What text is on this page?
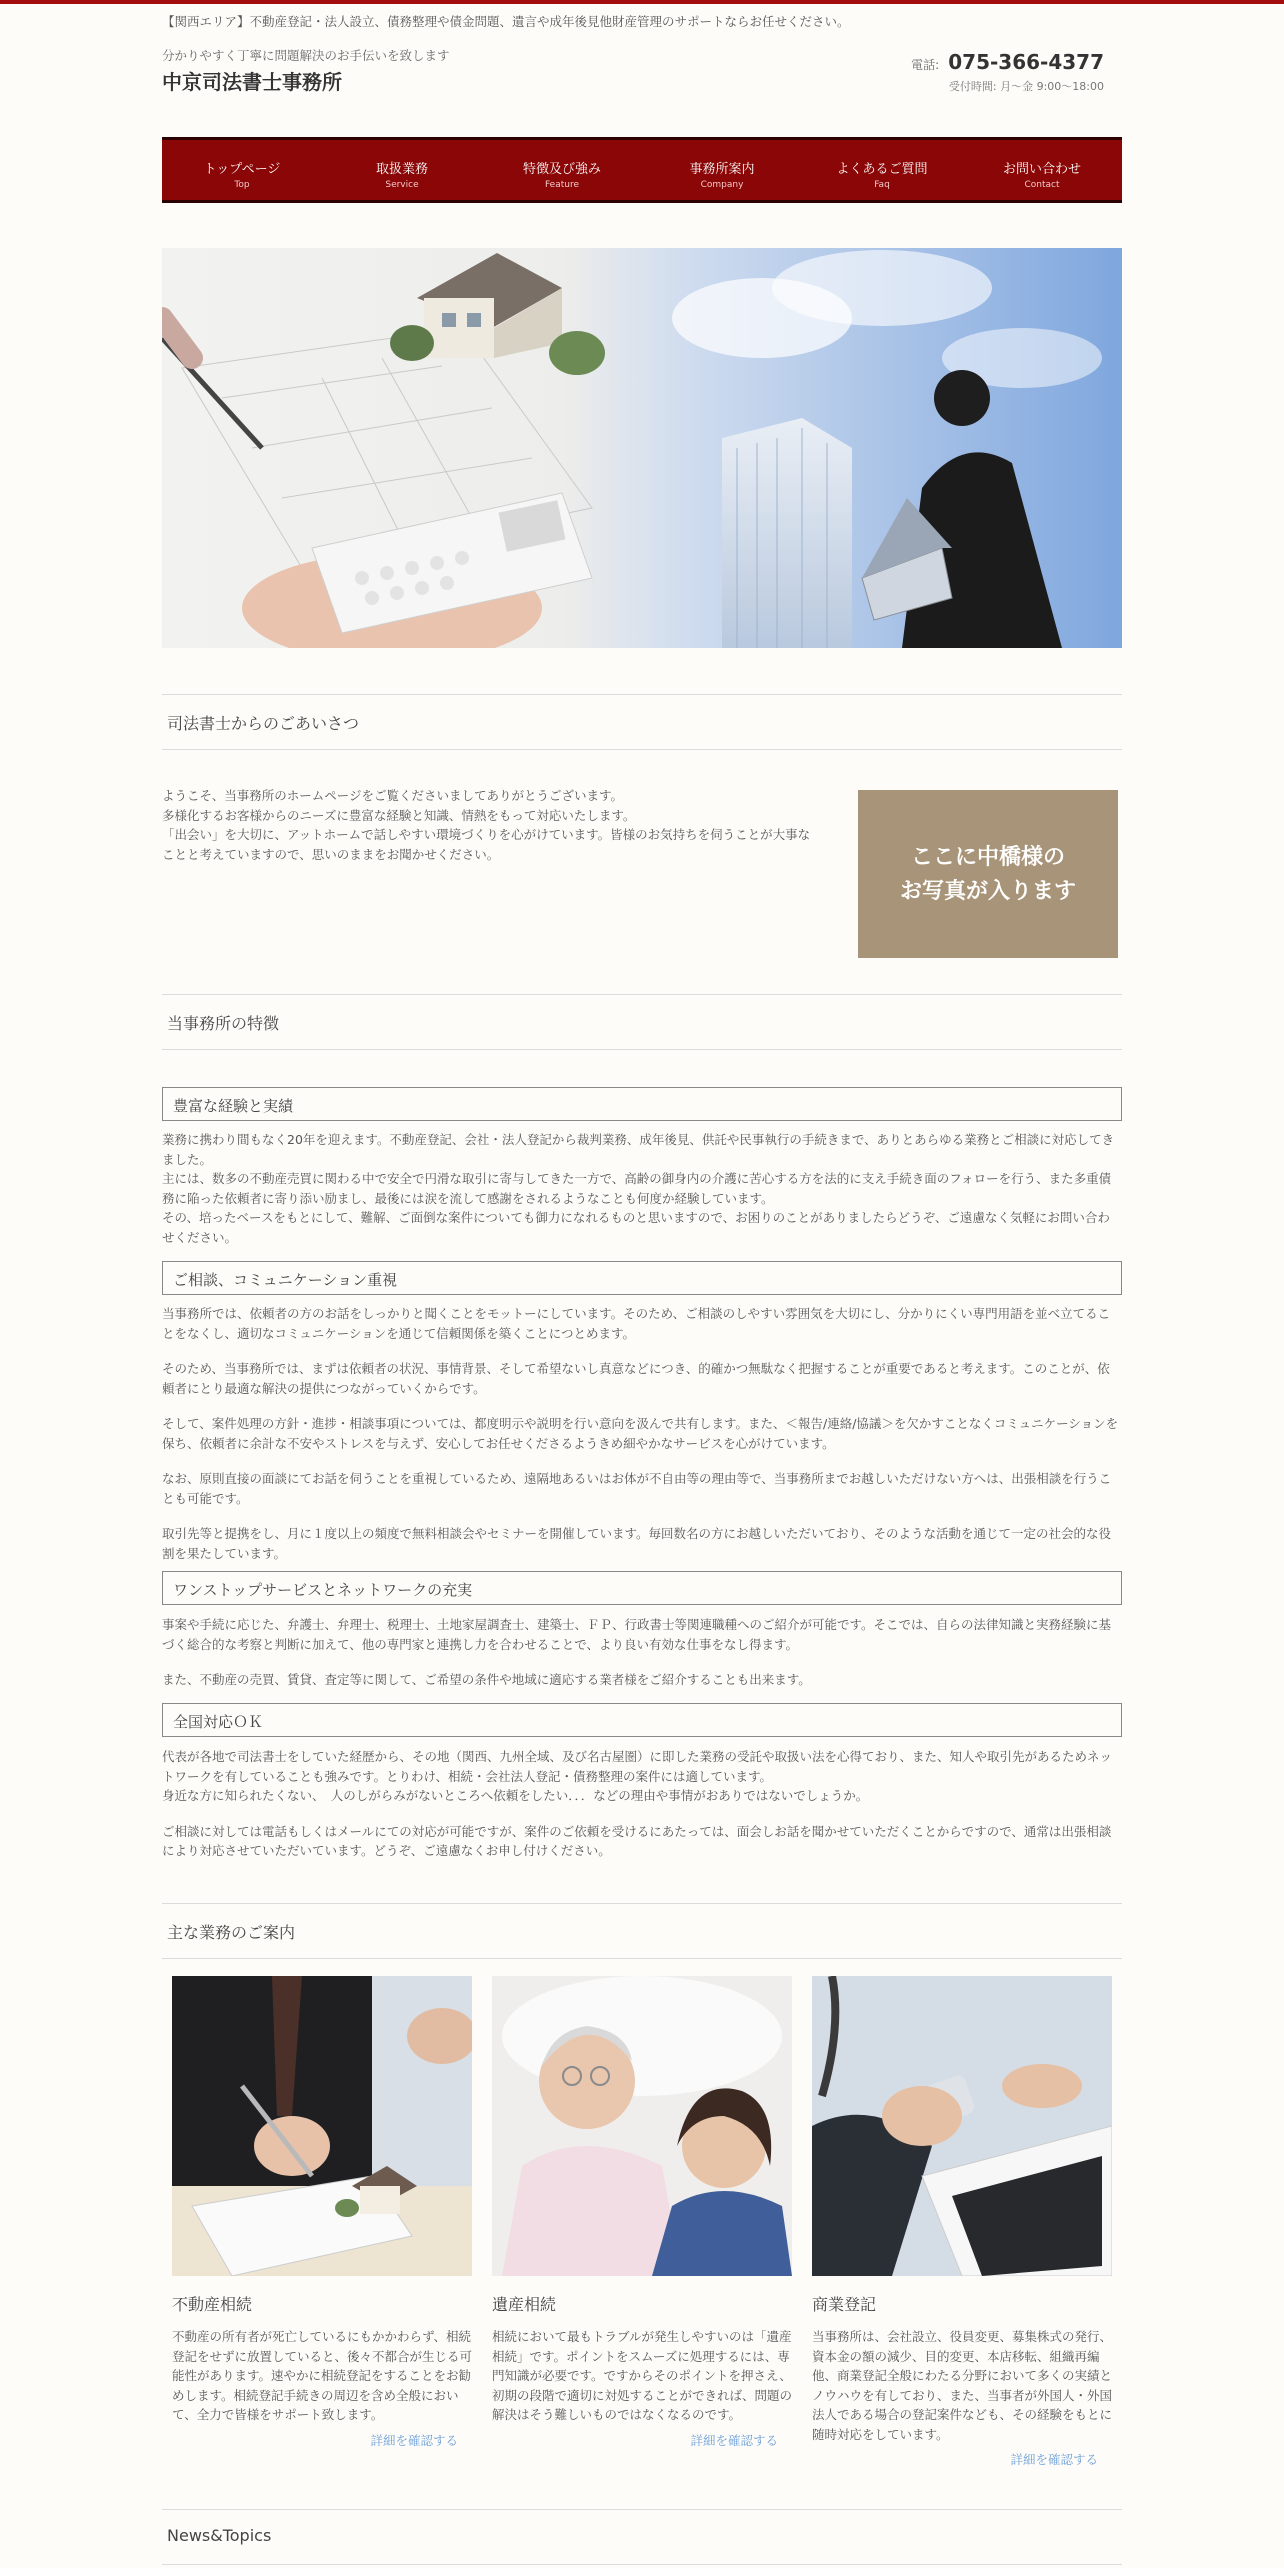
【関西エリア】不動産登記・法人設立、債務整理や債金問題、遺言や成年後見他財産管理のサポートならお任せください。
分かりやすく丁寧に問題解決のお手伝いを致します
中京司法書士事務所
電話: 075-366-4377
受付時間: 月～金 9:00～18:00
トップページ
Top
取扱業務
Service
特徴及び強み
Feature
事務所案内
Company
よくあるご質問
Faq
お問い合わせ
Contact
司法書士からのごあいさつ
ようこそ、当事務所のホームページをご覧くださいましてありがとうございます。
多様化するお客様からのニーズに豊富な経験と知識、情熱をもって対応いたします。
「出会い」を大切に、アットホームで話しやすい環境づくりを心がけています。皆様のお気持ちを伺うことが大事な
ことと考えていますので、思いのままをお聞かせください。	ここに中橋様の
お写真が入ります
当事務所の特徴
豊富な経験と実績
業務に携わり間もなく20年を迎えます。不動産登記、会社・法人登記から裁判業務、成年後見、供託や民事執行の手続きまで、ありとあらゆる業務とご相談に対応してきました。
主には、数多の不動産売買に関わる中で安全で円滑な取引に寄与してきた一方で、高齢の御身内の介護に苦心する方を法的に支え手続き面のフォローを行う、また多重債務に陥った依頼者に寄り添い励まし、最後には涙を流して感謝をされるようなことも何度か経験しています。
その、培ったベースをもとにして、難解、ご面倒な案件についても御力になれるものと思いますので、お困りのことがありましたらどうぞ、ご遠慮なく気軽にお問い合わせください。
ご相談、コミュニケーション重視

当事務所では、依頼者の方のお話をしっかりと聞くことをモットーにしています。そのため、ご相談のしやすい雰囲気を大切にし、分かりにくい専門用語を並べ立てることをなくし、適切なコミュニケーションを通じて信頼関係を築くことにつとめます。

そのため、当事務所では、まずは依頼者の状況、事情背景、そして希望ないし真意などにつき、的確かつ無駄なく把握することが重要であると考えます。このことが、依頼者にとり最適な解決の提供につながっていくからです。

そして、案件処理の方針・進捗・相談事項については、都度明示や説明を行い意向を汲んで共有します。また、＜報告/連絡/協議＞を欠かすことなくコミュニケーションを保ち、依頼者に余計な不安やストレスを与えず、安心してお任せくださるようきめ細やかなサービスを心がけています。

なお、原則直接の面談にてお話を伺うことを重視しているため、遠隔地あるいはお体が不自由等の理由等で、当事務所までお越しいただけない方へは、出張相談を行うことも可能です。

取引先等と提携をし、月に１度以上の頻度で無料相談会やセミナーを開催しています。毎回数名の方にお越しいただいており、そのような活動を通じて一定の社会的な役割を果たしています。

ワンストップサービスとネットワークの充実

事案や手続に応じた、弁護士、弁理士、税理士、土地家屋調査士、建築士、ＦＰ、行政書士等関連職種へのご紹介が可能です。そこでは、自らの法律知識と実務経験に基づく総合的な考察と判断に加えて、他の専門家と連携し力を合わせることで、より良い有効な仕事をなし得ます。

また、不動産の売買、賃貸、査定等に関して、ご希望の条件や地域に適応する業者様をご紹介することも出来ます。

全国対応ＯＫ

代表が各地で司法書士をしていた経歴から、その地（関西、九州全域、及び名古屋圏）に即した業務の受託や取扱い法を心得ており、また、知人や取引先があるためネットワークを有していることも強みです。とりわけ、相続・会社法人登記・債務整理の案件には適しています。
身近な方に知られたくない、　人のしがらみがないところへ依頼をしたい．．．などの理由や事情がおありではないでしょうか。

ご相談に対しては電話もしくはメールにての対応が可能ですが、案件のご依頼を受けるにあたっては、面会しお話を聞かせていただくことからですので、通常は出張相談により対応させていただいています。どうぞ、ご遠慮なくお申し付けください。

主な業務のご案内
不動産相続
不動産の所有者が死亡しているにもかかわらず、相続登記をせずに放置していると、後々不都合が生じる可能性があります。速やかに相続登記をすることをお勧めします。相続登記手続きの周辺を含め全般において、全力で皆様をサポート致します。
詳細を確認する
遺産相続
相続において最もトラブルが発生しやすいのは「遺産相続」です。ポイントをスムーズに処理するには、専門知識が必要です。ですからそのポイントを押さえ、初期の段階で適切に対処することができれば、問題の解決はそう難しいものではなくなるのです。
詳細を確認する
商業登記
当事務所は、会社設立、役員変更、募集株式の発行、資本金の額の減少、目的変更、本店移転、組織再編他、商業登記全般にわたる分野において多くの実績とノウハウを有しており、また、当事者が外国人・外国法人である場合の登記案件なども、その経験をもとに随時対応をしています。
詳細を確認する
News&Topics
